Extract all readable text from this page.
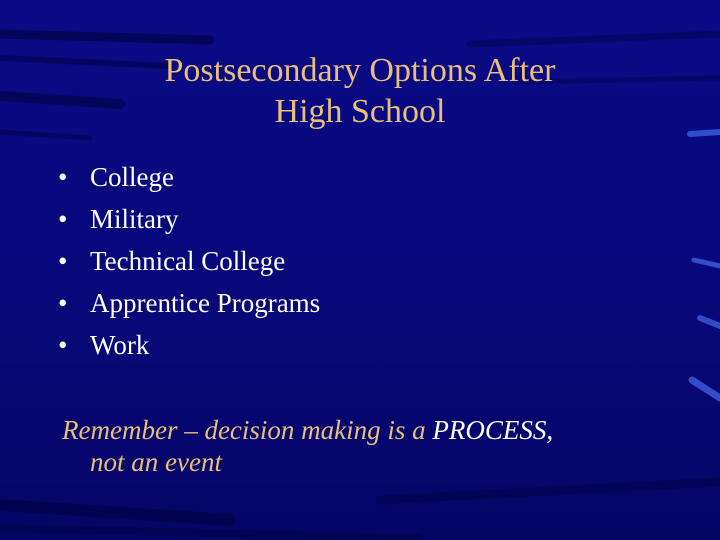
Postsecondary Options After
High School
• College
• Military
• Technical College
• Apprentice Programs
• Work
Remember – decision making is a PROCESS,
not an event
